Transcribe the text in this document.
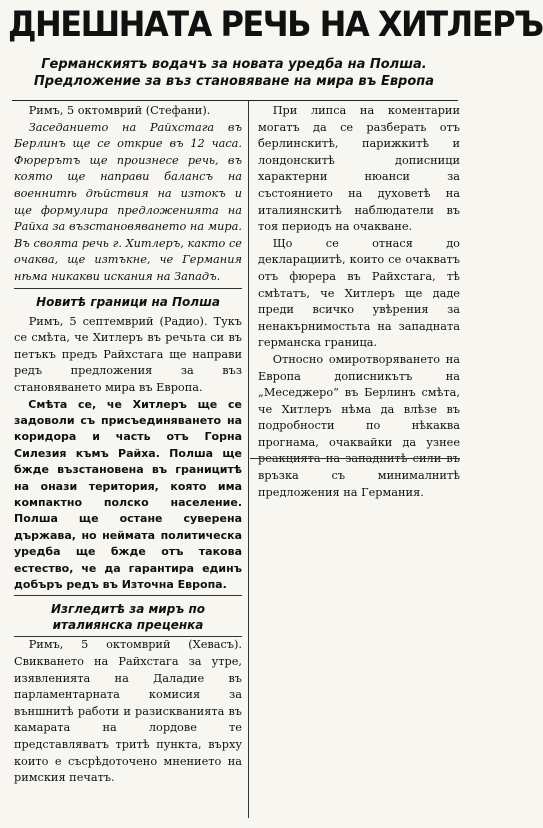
ДНЕШНАТА РЕЧЬ НА ХИТЛЕРЪ
Германскиятъ водачъ за новата уредба на Полша. Предложение за въз становяване на мира въ Европа

Римъ, 5 октомврий (Стефани).

Заседанието на Райхстага въ Берлинъ ще се открие въ 12 часа. Фюрерътъ ще произнесе речь, въ която ще направи балансъ на военнитѣ дѣйствия на изтокъ и ще формулира предложенията на Райха за възстановяването на мира. Въ своята речь г. Хитлеръ, както се очаква, ще изтъкне, че Германия нѣма никакви искания на Западъ.

Новитѣ граници на Полша

Римъ, 5 септемврий (Радио). Тукъ се смѣта, че Хитлеръ въ речьта си въ петъкъ предъ Райхстага ще направи редъ предложения за въз становяването мира въ Европа.

Смѣта се, че Хитлеръ ще се задоволи съ присъединяването на коридора и часть отъ Горна Силезия къмъ Райха. Полша ще бжде възстановена въ границитѣ на онази територия, която има компактно полско население. Полша ще остане суверена държава, но неймата политическа уредба ще бжде отъ такова естество, че да гарантира единъ добъръ редъ въ Източна Европа.

Изгледитѣ за миръ по италиянска преценка

Римъ, 5 октомврий (Хевасъ). Свикването на Райхстага за утре, изявленията на Даладие въ парламентарната комисия за външнитѣ работи и разискванията въ камарата на лордове те представляватъ тритѣ пункта, върху които е съсрѣдоточено мнението на римския печатъ.

При липса на коментарии могатъ да се разберать отъ берлинскитѣ, парижкитѣ и лондонскитѣ дописници характерни нюанси за състоянието на духоветѣ на италиянскитѣ наблюдатели въ тоя периодъ на очакване.

Що се отнася до декларациитѣ, които се очакватъ отъ фюрера въ Райхстага, тѣ смѣтатъ, че Хитлеръ ще даде преди всичко увѣрения за ненакърнимостьта на западната германска граница.

Относно омиротворяването на Европа дописникътъ на „Меседжеро“ въ Берлинъ смѣта, че Хитлеръ нѣма да влѣзе въ подробности по нѣкаква прогнама, очаквайки да узнее реакцията на западнитѣ сили въ връзка съ минималнитѣ предложения на Германия.
